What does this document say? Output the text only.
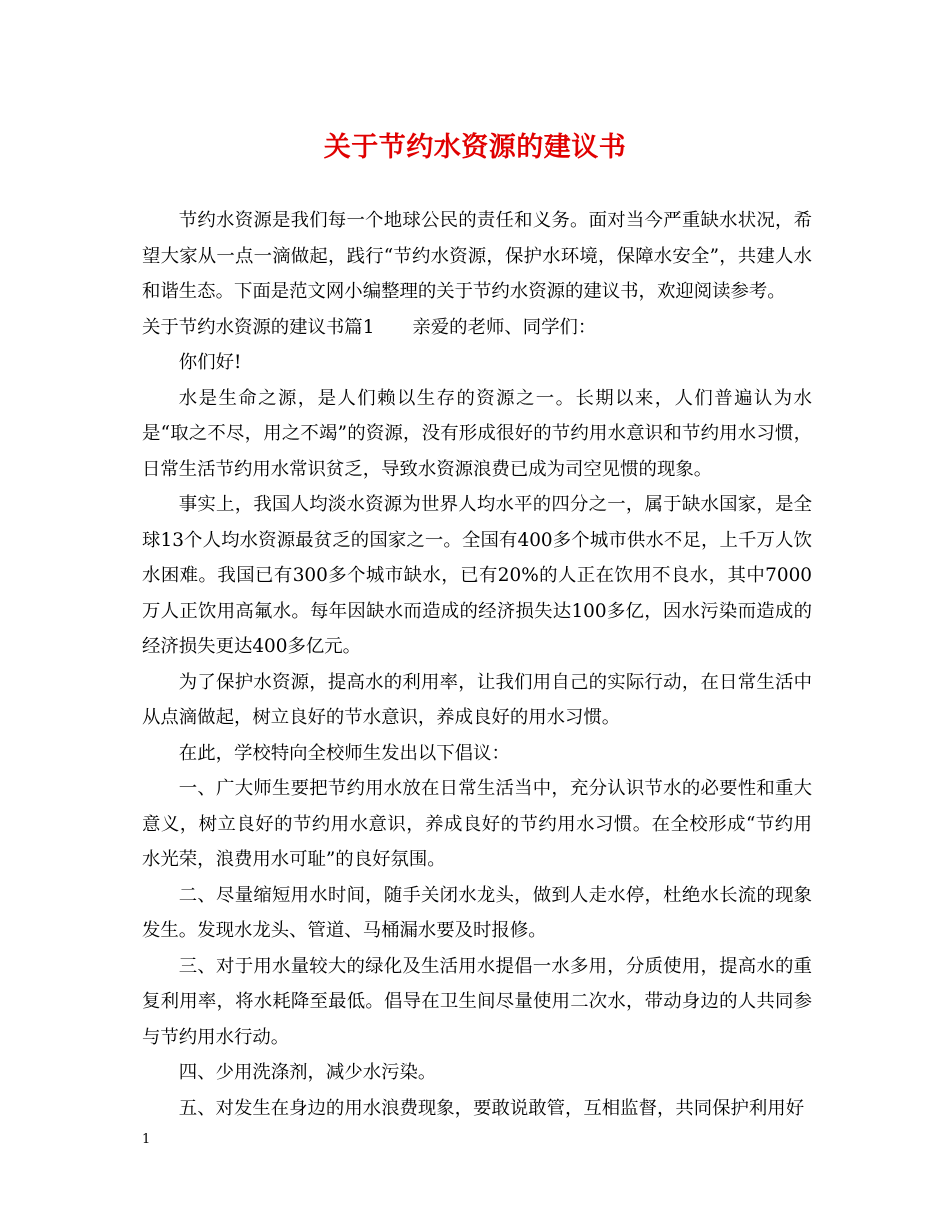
关于节约水资源的建议书

节约水资源是我们每一个地球公民的责任和义务。面对当今严重缺水状况，希望大家从一点一滴做起，践行“节约水资源，保护水环境，保障水安全”，共建人水和谐生态。下面是范文网小编整理的关于节约水资源的建议书，欢迎阅读参考。

关于节约水资源的建议书篇1 亲爱的老师、同学们：

你们好!

水是生命之源，是人们赖以生存的资源之一。长期以来，人们普遍认为水是“取之不尽，用之不竭”的资源，没有形成很好的节约用水意识和节约用水习惯，日常生活节约用水常识贫乏，导致水资源浪费已成为司空见惯的现象。

事实上，我国人均淡水资源为世界人均水平的四分之一，属于缺水国家，是全球13个人均水资源最贫乏的国家之一。全国有400多个城市供水不足，上千万人饮水困难。我国已有300多个城市缺水，已有20%的人正在饮用不良水，其中7000万人正饮用高氟水。每年因缺水而造成的经济损失达100多亿，因水污染而造成的经济损失更达400多亿元。

为了保护水资源，提高水的利用率，让我们用自己的实际行动，在日常生活中从点滴做起，树立良好的节水意识，养成良好的用水习惯。

在此，学校特向全校师生发出以下倡议：

一、广大师生要把节约用水放在日常生活当中，充分认识节水的必要性和重大意义，树立良好的节约用水意识，养成良好的节约用水习惯。在全校形成“节约用水光荣，浪费用水可耻”的良好氛围。

二、尽量缩短用水时间，随手关闭水龙头，做到人走水停，杜绝水长流的现象发生。发现水龙头、管道、马桶漏水要及时报修。

三、对于用水量较大的绿化及生活用水提倡一水多用，分质使用，提高水的重复利用率，将水耗降至最低。倡导在卫生间尽量使用二次水，带动身边的人共同参与节约用水行动。

四、少用洗涤剂，减少水污染。

五、对发生在身边的用水浪费现象，要敢说敢管，互相监督，共同保护利用好

1
